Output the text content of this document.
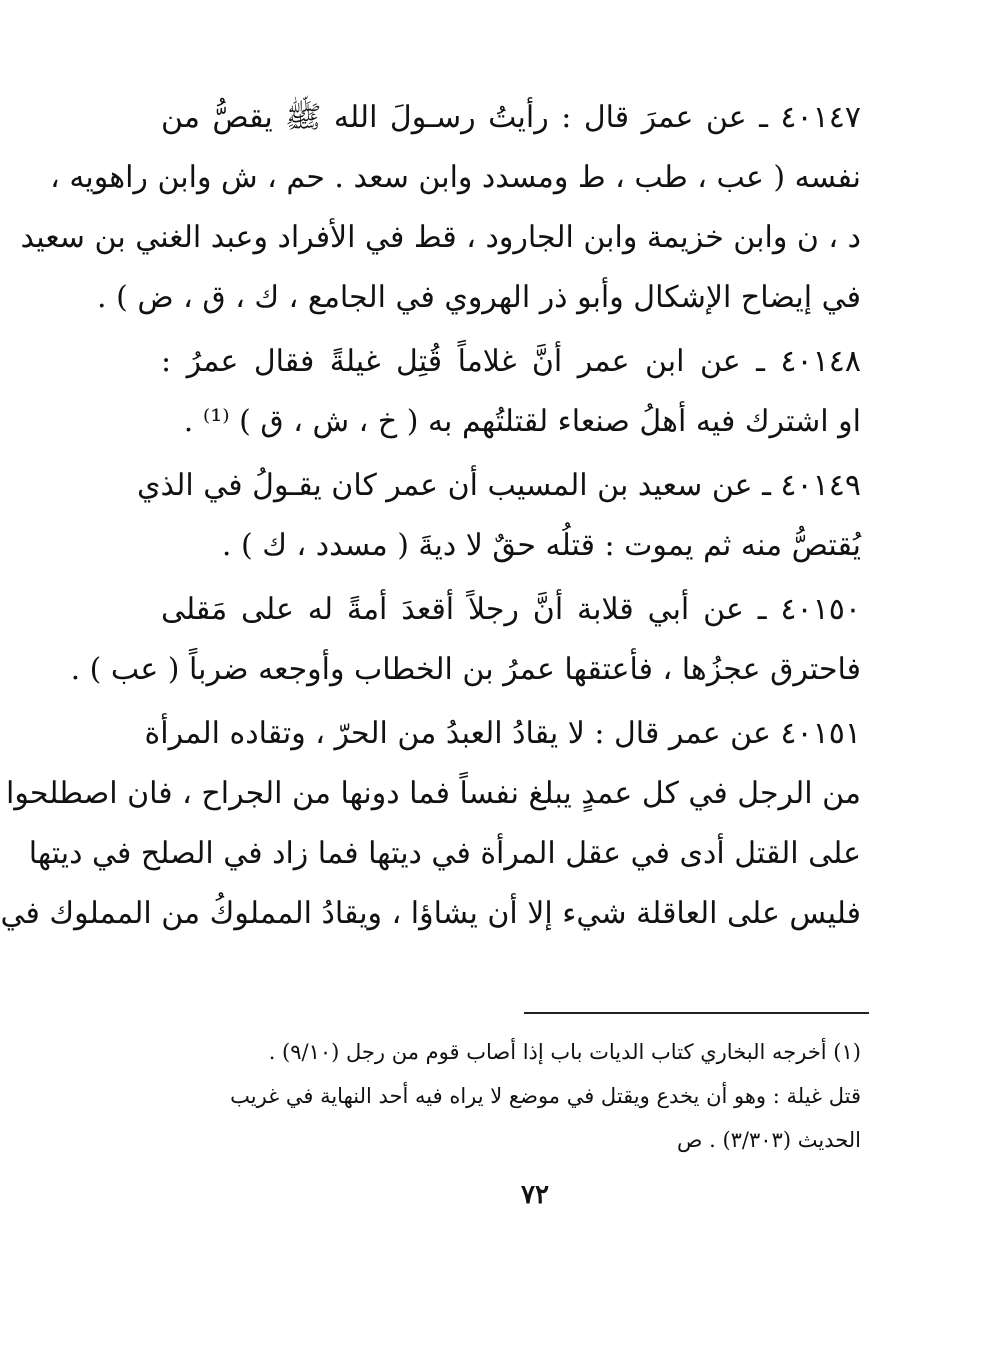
٤٠١٤٧ ـ عن عمرَ قال : رأيتُ رسـولَ الله ﷺ يقصُّ من
نفسه ( عب ، طب ، ط ومسدد وابن سعد . حم ، ش وابن راهويه ،
د ، ن وابن خزيمة وابن الجارود ، قط في الأفراد وعبد الغني بن سعيد
في إيضاح الإشكال وأبو ذر الهروي في الجامع ، ك ، ق ، ض ) .
٤٠١٤٨ ـ عن ابن عمر أنَّ غلاماً قُتِل غيلةً فقال عمرُ :
او اشترك فيه أهلُ صنعاء لقتلتُهم به ( خ ، ش ، ق ) ⁽¹⁾ .
٤٠١٤٩ ـ عن سعيد بن المسيب أن عمر كان يقـولُ في الذي
يُقتصُّ منه ثم يموت : قتلُه حقٌ لا ديةَ ( مسدد ، ك ) .
٤٠١٥٠ ـ عن أبي قلابة أنَّ رجلاً أقعدَ أمةً له على مَقلى
فاحترق عجزُها ، فأعتقها عمرُ بن الخطاب وأوجعه ضرباً ( عب ) .
٤٠١٥١ عن عمر قال : لا يقادُ العبدُ من الحرّ ، وتقاده المرأة
من الرجل في كل عمدٍ يبلغ نفساً فما دونها من الجراح ، فان اصطلحوا
على القتل أدى في عقل المرأة في ديتها فما زاد في الصلح في ديتها
فليس على العاقلة شيء إلا أن يشاؤا ، ويقادُ المملوكُ من المملوك في
(١) أخرجه البخاري كتاب الديات باب إذا أصاب قوم من رجل (٩/١٠) .
قتل غيلة : وهو أن يخدع ويقتل في موضع لا يراه فيه أحد النهاية في غريب
الحديث (٣/٣٠٣) . ص
٧٢
